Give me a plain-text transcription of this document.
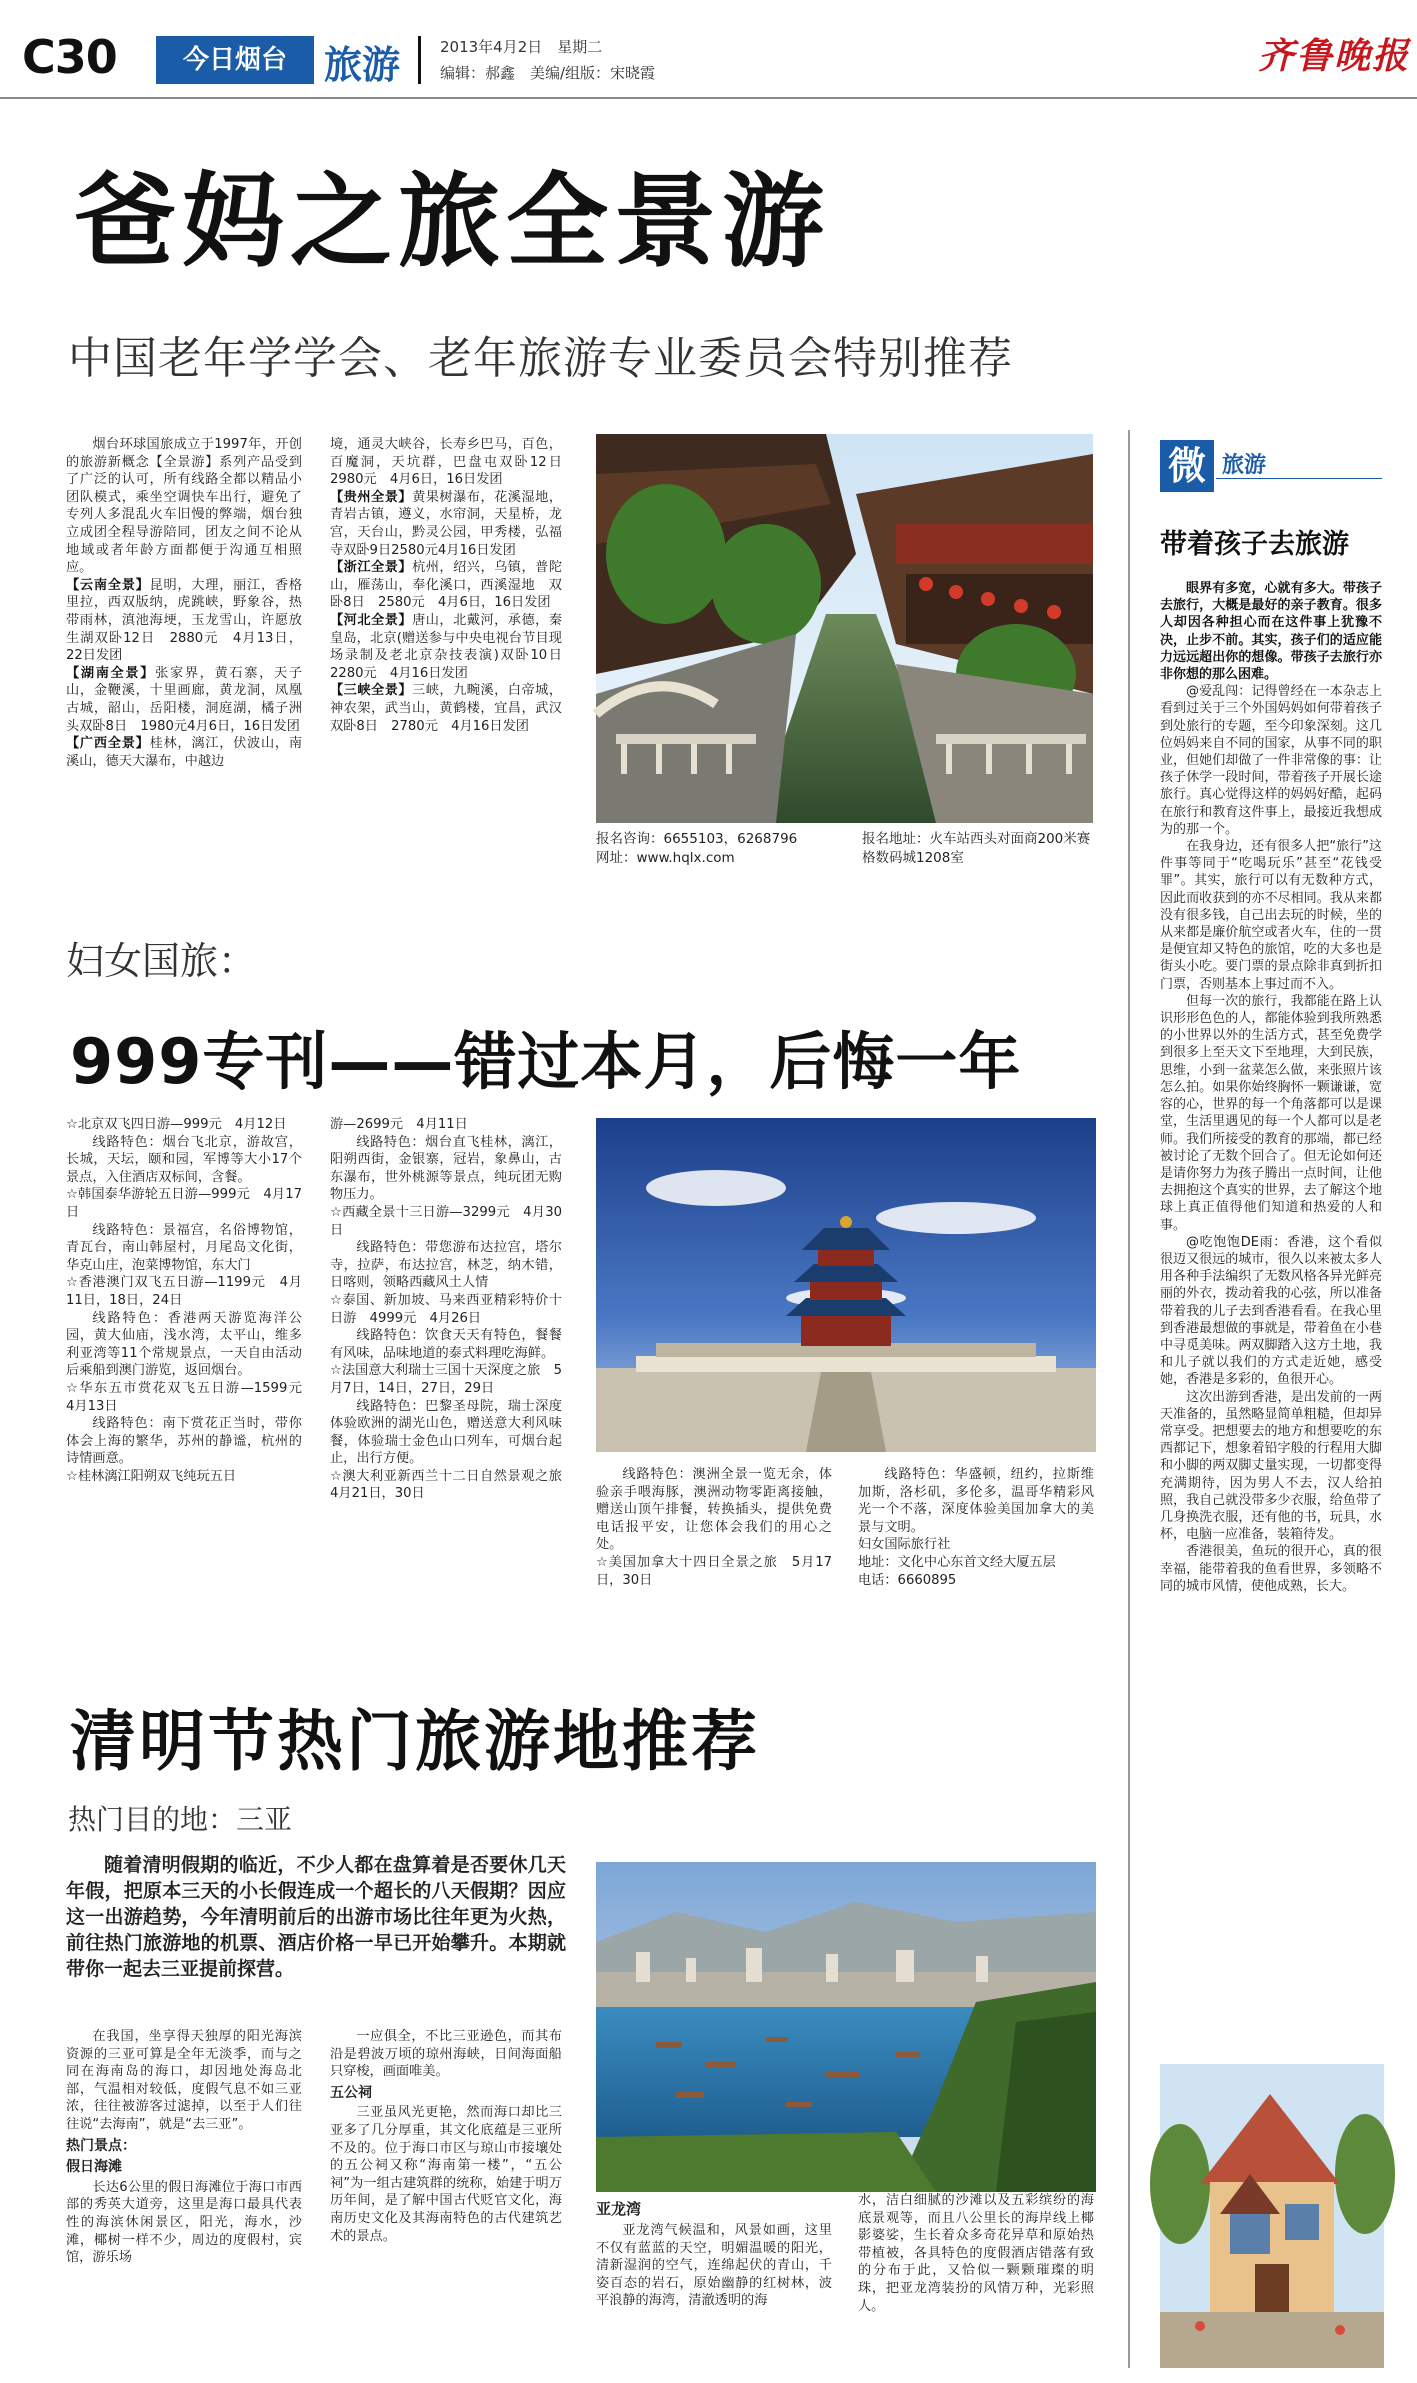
C30	今日烟台 旅游	2013年4月2日　星期二
编辑：郝鑫　美编/组版：宋晓霞	齐鲁晚报
爸妈之旅全景游
中国老年学学会、老年旅游专业委员会特别推荐

烟台环球国旅成立于1997年，开创的旅游新概念【全景游】系列产品受到了广泛的认可，所有线路全都以精品小团队模式，乘坐空调快车出行，避免了专列人多混乱火车旧慢的弊端，烟台独立成团全程导游陪同，团友之间不论从地域或者年龄方面都便于沟通互相照应。

【云南全景】昆明，大理，丽江，香格里拉，西双版纳，虎跳峡，野象谷，热带雨林，滇池海埂，玉龙雪山，许愿放生湖双卧12日　2880元　4月13日，22日发团

【湖南全景】张家界，黄石寨，天子山，金鞭溪，十里画廊，黄龙洞，凤凰古城，韶山，岳阳楼，洞庭湖，橘子洲头双卧8日　1980元4月6日，16日发团

【广西全景】桂林，漓江，伏波山，南溪山，德天大瀑布，中越边

境，通灵大峡谷，长寿乡巴马，百色，百魔洞，天坑群，巴盘屯双卧12日　2980元　4月6日，16日发团

【贵州全景】黄果树瀑布，花溪湿地，青岩古镇，遵义，水帘洞，天星桥，龙宫，天台山，黔灵公园，甲秀楼，弘福寺双卧9日2580元4月16日发团

【浙江全景】杭州，绍兴，乌镇，普陀山，雁荡山，奉化溪口，西溪湿地　双卧8日　2580元　4月6日，16日发团

【河北全景】唐山，北戴河，承德，秦皇岛，北京(赠送参与中央电视台节目现场录制及老北京杂技表演)双卧10日2280元　4月16日发团

【三峡全景】三峡，九畹溪，白帝城，神农架，武当山，黄鹤楼，宜昌，武汉双卧8日　2780元　4月16日发团

报名咨询：6655103，6268796
网址：www.hqlx.com
报名地址：火车站西头对面商200米赛格数码城1208室
妇女国旅：
999专刊——错过本月，后悔一年

☆北京双飞四日游—999元　4月12日

线路特色：烟台飞北京，游故宫，长城，天坛，颐和园，军博等大小17个景点，入住酒店双标间，含餐。

☆韩国泰华游轮五日游—999元　4月17日

线路特色：景福宫，名俗博物馆，青瓦台，南山韩屋村，月尾岛文化街，华克山庄，泡菜博物馆，东大门

☆香港澳门双飞五日游—1199元　4月11日，18日，24日

线路特色：香港两天游览海洋公园，黄大仙庙，浅水湾，太平山，维多利亚湾等11个常规景点，一天自由活动后乘船到澳门游览，返回烟台。

☆华东五市赏花双飞五日游—1599元　4月13日

线路特色：南下赏花正当时，带你体会上海的繁华，苏州的静谧，杭州的诗情画意。

☆桂林漓江阳朔双飞纯玩五日

游—2699元　4月11日

线路特色：烟台直飞桂林，漓江，阳朔西街，金银寨，冠岩，象鼻山，古东瀑布，世外桃源等景点，纯玩团无购物压力。

☆西藏全景十三日游—3299元　4月30日

线路特色：带您游布达拉宫，塔尔寺，拉萨，布达拉宫，林芝，纳木错，日喀则，领略西藏风土人情

☆泰国、新加坡、马来西亚精彩特价十日游　4999元　4月26日

线路特色：饮食天天有特色，餐餐有风味，品味地道的泰式料理吃海鲜。

☆法国意大利瑞士三国十天深度之旅　5月7日，14日，27日，29日

线路特色：巴黎圣母院，瑞士深度体验欧洲的湖光山色，赠送意大利风味餐，体验瑞士金色山口列车，可烟台起止，出行方便。

☆澳大利亚新西兰十二日自然景观之旅　4月21日，30日

线路特色：澳洲全景一览无余，体验亲手喂海豚，澳洲动物零距离接触，赠送山顶午排餐，转换插头，提供免费电话报平安，让您体会我们的用心之处。

☆美国加拿大十四日全景之旅　5月17日，30日

线路特色：华盛顿，纽约，拉斯维加斯，洛杉矶，多伦多，温哥华精彩风光一个不落，深度体验美国加拿大的美景与文明。

妇女国际旅行社

地址：文化中心东首文经大厦五层

电话：6660895

清明节热门旅游地推荐
热门目的地：三亚
随着清明假期的临近，不少人都在盘算着是否要休几天年假，把原本三天的小长假连成一个超长的八天假期？因应这一出游趋势，今年清明前后的出游市场比往年更为火热，前往热门旅游地的机票、酒店价格一早已开始攀升。本期就带你一起去三亚提前探营。

在我国，坐享得天独厚的阳光海滨资源的三亚可算是全年无淡季，而与之同在海南岛的海口，却因地处海岛北部，气温相对较低，度假气息不如三亚浓，往往被游客过滤掉，以至于人们往往说“去海南”，就是“去三亚”。

热门景点：

假日海滩

长达6公里的假日海滩位于海口市西部的秀英大道旁，这里是海口最具代表性的海滨休闲景区，阳光，海水，沙滩，椰树一样不少，周边的度假村，宾馆，游乐场

一应俱全，不比三亚逊色，而其布沿是碧波万顷的琼州海峡，日间海面船只穿梭，画面唯美。

五公祠

三亚虽风光更艳，然而海口却比三亚多了几分厚重，其文化底蕴是三亚所不及的。位于海口市区与琼山市接壤处的五公祠又称“海南第一楼”，“五公祠”为一组古建筑群的统称，始建于明万历年间，是了解中国古代贬官文化，海南历史文化及其海南特色的古代建筑艺术的景点。

亚龙湾

亚龙湾气候温和，风景如画，这里不仅有蓝蓝的天空，明媚温暖的阳光，清新湿润的空气，连绵起伏的青山，千姿百态的岩石，原始幽静的红树林，波平浪静的海湾，清澈透明的海

水，洁白细腻的沙滩以及五彩缤纷的海底景观等，而且八公里长的海岸线上椰影婆娑，生长着众多奇花异草和原始热带植被，各具特色的度假酒店错落有致的分布于此，又恰似一颗颗璀璨的明珠，把亚龙湾装扮的风情万种，光彩照人。

微 旅游
带着孩子去旅游

眼界有多宽，心就有多大。带孩子去旅行，大概是最好的亲子教育。很多人却因各种担心而在这件事上犹豫不决，止步不前。其实，孩子们的适应能力远远超出你的想像。带孩子去旅行亦非你想的那么困难。

@爱乱闯：记得曾经在一本杂志上看到过关于三个外国妈妈如何带着孩子到处旅行的专题，至今印象深刻。这几位妈妈来自不同的国家，从事不同的职业，但她们却做了一件非常像的事：让孩子休学一段时间，带着孩子开展长途旅行。真心觉得这样的妈妈好酷，起码在旅行和教育这件事上，最接近我想成为的那一个。

在我身边，还有很多人把“旅行”这件事等同于“吃喝玩乐”甚至“花钱受罪”。其实，旅行可以有无数种方式，因此而收获到的亦不尽相同。我从来都没有很多钱，自己出去玩的时候，坐的从来都是廉价航空或者火车，住的一贯是便宜却又特色的旅馆，吃的大多也是街头小吃。要门票的景点除非真到折扣门票，否则基本上事过而不入。

但每一次的旅行，我都能在路上认识形形色色的人，都能体验到我所熟悉的小世界以外的生活方式，甚至免费学到很多上至天文下至地理，大到民族，思维，小到一盆菜怎么做，来张照片该怎么拍。如果你始终胸怀一颗谦谦，宽容的心，世界的每一个角落都可以是课堂，生活里遇见的每一个人都可以是老师。我们所接受的教育的那端，都已经被讨论了无数个回合了。但无论如何还是请你努力为孩子腾出一点时间，让他去拥抱这个真实的世界，去了解这个地球上真正值得他们知道和热爱的人和事。

@吃饱饱DE雨：香港，这个看似很迈又很远的城市，很久以来被太多人用各种手法编织了无数风格各异光鲜亮丽的外衣，拨动着我的心弦，所以准备带着我的儿子去到香港看看。在我心里到香港最想做的事就是，带着鱼在小巷中寻觅美味。两双脚踏入这方土地，我和儿子就以我们的方式走近她，感受她，香港是多彩的，鱼很开心。

这次出游到香港，是出发前的一两天准备的，虽然略显简单粗糙，但却异常享受。把想要去的地方和想要吃的东西都记下，想象着铅字般的行程用大脚和小脚的两双脚丈量实现，一切都变得充满期待，因为男人不去，汉人给拍照，我自己就没带多少衣服，给鱼带了几身换洗衣服，还有他的书，玩具，水杯，电脑一应准备，装箱待发。

香港很美，鱼玩的很开心，真的很幸福，能带着我的鱼看世界，多领略不同的城市风情，使他成熟，长大。
